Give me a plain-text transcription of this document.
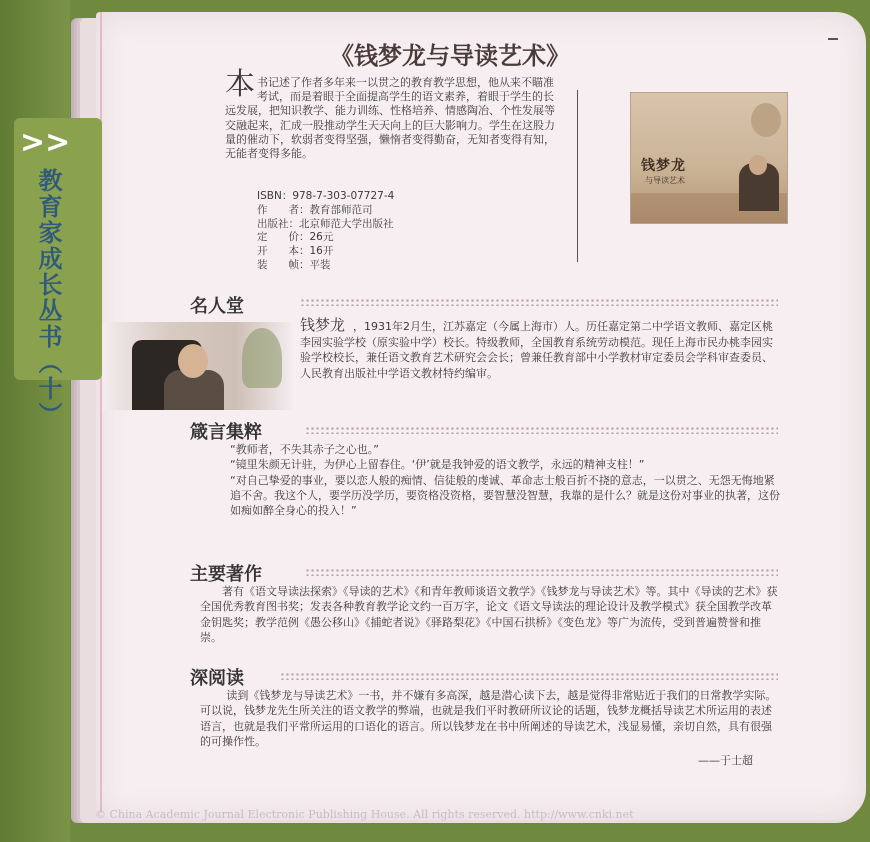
>>
教育家成长丛书（十）
《钱梦龙与导读艺术》
本 书记述了作者多年来一以贯之的教育教学思想，他从来不瞄准考试，而是着眼于全面提高学生的语文素养，着眼于学生的长远发展，把知识教学、能力训练、性格培养、情感陶冶、个性发展等交融起来，汇成一股推动学生天天向上的巨大影响力。学生在这股力量的催动下，软弱者变得坚强，懒惰者变得勤奋，无知者变得有知，无能者变得多能。
ISBN：978-7-303-07727-4
作　　者：教育部师范司
出版社：北京师范大学出版社
定　　价：26元
开　　本：16开
装　　帧：平装
钱梦龙
与导读艺术
名人堂
钱梦龙 ，1931年2月生，江苏嘉定（今属上海市）人。历任嘉定第二中学语文教师、嘉定区桃李园实验学校（原实验中学）校长。特级教师，全国教育系统劳动模范。现任上海市民办桃李园实验学校校长，兼任语文教育艺术研究会会长；曾兼任教育部中小学教材审定委员会学科审查委员、人民教育出版社中学语文教材特约编审。
箴言集粹
“教师者，不失其赤子之心也。”
“镜里朱颜无计驻，为伊心上留春住。‘伊’就是我钟爱的语文教学，永远的精神支柱！”
“对自己挚爱的事业，要以恋人般的痴情、信徒般的虔诚、革命志士般百折不挠的意志，一以贯之、无怨无悔地紧追不舍。我这个人，要学历没学历，要资格没资格，要智慧没智慧，我靠的是什么？就是这份对事业的执著，这份如痴如醉全身心的投入！”
主要著作
著有《语文导读法探索》《导读的艺术》《和青年教师谈语文教学》《钱梦龙与导读艺术》等。其中《导读的艺术》获全国优秀教育图书奖；发表各种教育教学论文约一百万字，论文《语文导读法的理论设计及教学模式》获全国教学改革金钥匙奖；教学范例《愚公移山》《捕蛇者说》《驿路梨花》《中国石拱桥》《变色龙》等广为流传，受到普遍赞誉和推崇。
深阅读
读到《钱梦龙与导读艺术》一书，并不嫌有多高深，越是潜心读下去，越是觉得非常贴近于我们的日常教学实际。可以说，钱梦龙先生所关注的语文教学的弊端，也就是我们平时教研所议论的话题，钱梦龙概括导读艺术所运用的表述语言，也就是我们平常所运用的口语化的语言。所以钱梦龙在书中所阐述的导读艺术，浅显易懂，亲切自然，具有很强的可操作性。
——于士超
© China Academic Journal Electronic Publishing House. All rights reserved. http://www.cnki.net
